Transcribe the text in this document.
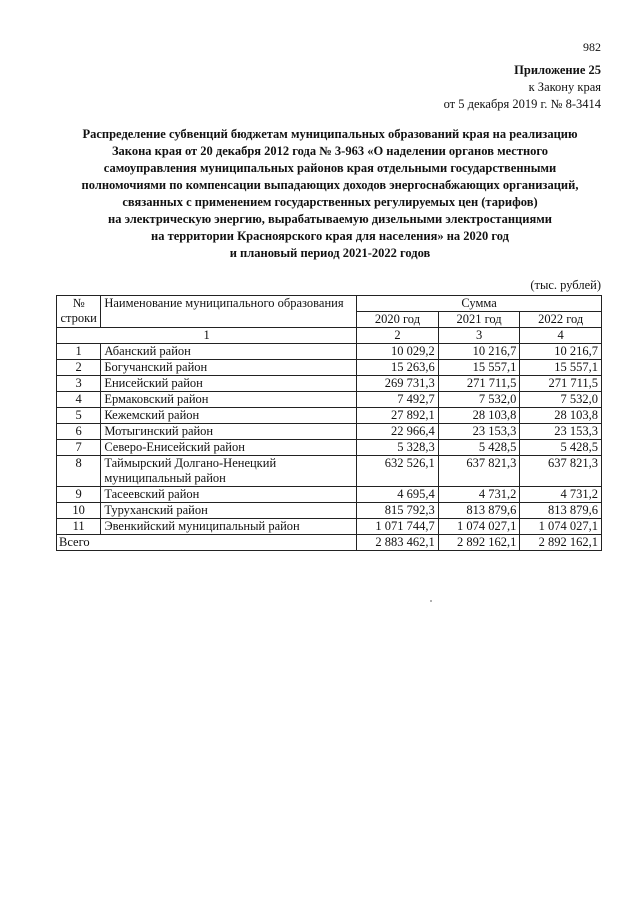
982
Приложение 25
к Закону края
от 5 декабря 2019 г. № 8-3414
Распределение субвенций бюджетам муниципальных образований края на реализацию
Закона края от 20 декабря 2012 года № 3-963 «О наделении органов местного
самоуправления муниципальных районов края отдельными государственными
полномочиями по компенсации выпадающих доходов энергоснабжающих организаций,
связанных с применением государственных регулируемых цен (тарифов)
на электрическую энергию, вырабатываемую дизельными электростанциями
на территории Красноярского края для населения» на 2020 год
и плановый период 2021-2022 годов
(тыс. рублей)
№ строки	Наименование муниципального образования	Сумма		
		2020 год	2021 год	2022 год
1		2	3	4
1	Абанский район	10 029,2	10 216,7	10 216,7
2	Богучанский район	15 263,6	15 557,1	15 557,1
3	Енисейский район	269 731,3	271 711,5	271 711,5
4	Ермаковский район	7 492,7	7 532,0	7 532,0
5	Кежемский район	27 892,1	28 103,8	28 103,8
6	Мотыгинский район	22 966,4	23 153,3	23 153,3
7	Северо-Енисейский район	5 328,3	5 428,5	5 428,5
8	Таймырский Долгано-Ненецкий муниципальный район	632 526,1	637 821,3	637 821,3
9	Тасеевский район	4 695,4	4 731,2	4 731,2
10	Туруханский район	815 792,3	813 879,6	813 879,6
11	Эвенкийский муниципальный район	1 071 744,7	1 074 027,1	1 074 027,1
Всего		2 883 462,1	2 892 162,1	2 892 162,1
